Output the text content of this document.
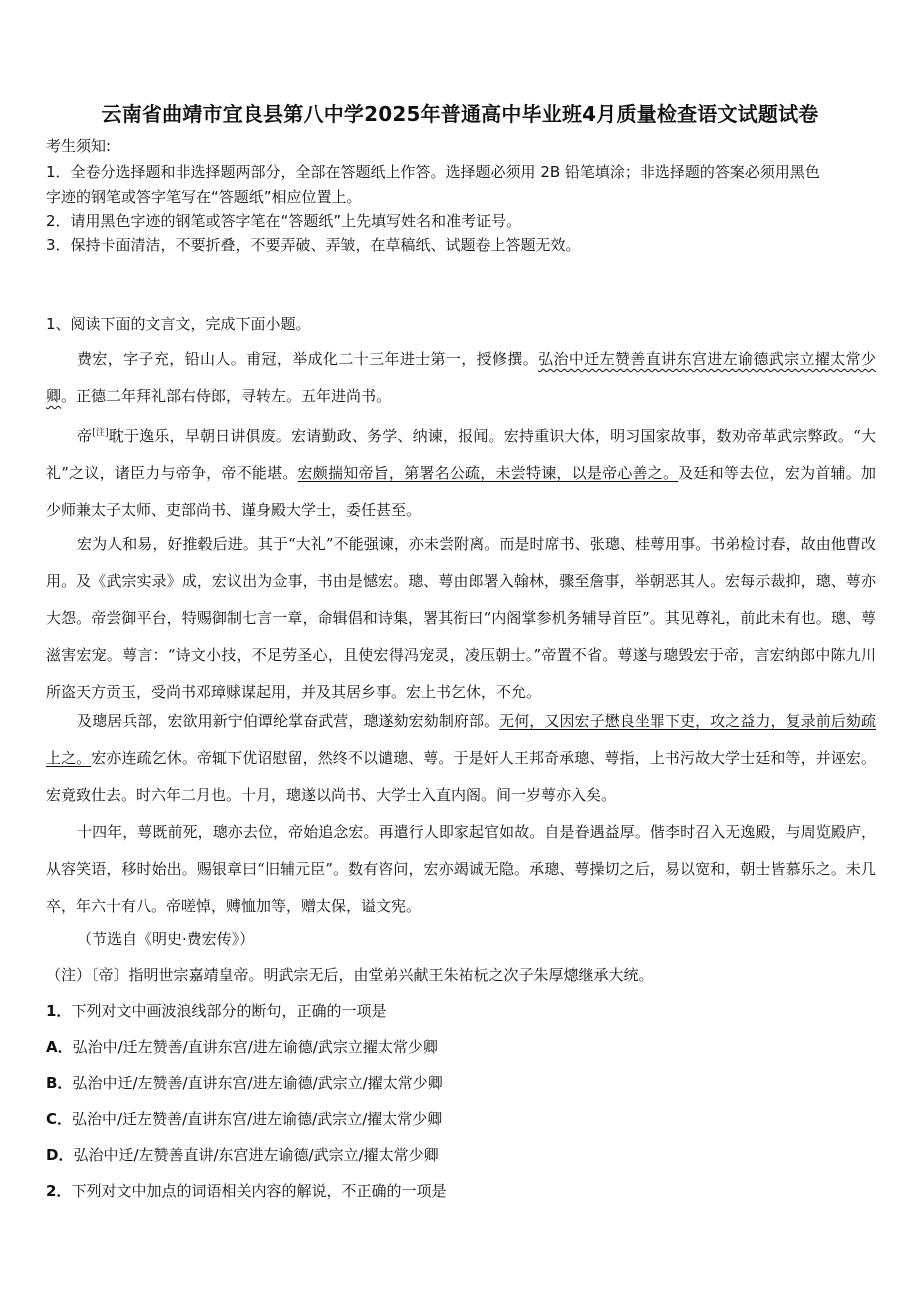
云南省曲靖市宜良县第八中学2025年普通高中毕业班4月质量检查语文试题试卷
考生须知:
1．全卷分选择题和非选择题两部分，全部在答题纸上作答。选择题必须用 2B 铅笔填涂；非选择题的答案必须用黑色
字迹的钢笔或答字笔写在“答题纸”相应位置上。
2．请用黑色字迹的钢笔或答字笔在“答题纸”上先填写姓名和准考证号。
3．保持卡面清洁，不要折叠，不要弄破、弄皱，在草稿纸、试题卷上答题无效。
1、阅读下面的文言文，完成下面小题。

费宏，字子充，铅山人。甫冠，举成化二十三年进士第一，授修撰。弘治中迁左赞善直讲东宫进左谕德武宗立擢太常少卿。正德二年拜礼部右侍郎，寻转左。五年进尚书。

帝[注]耽于逸乐，早朝日讲俱废。宏请勤政、务学、纳谏，报闻。宏持重识大体，明习国家故事，数劝帝革武宗弊政。“大礼”之议，诸臣力与帝争，帝不能堪。宏颇揣知帝旨，第署名公疏，未尝特谏，以是帝心善之。及廷和等去位，宏为首辅。加少师兼太子太师、吏部尚书、谨身殿大学士，委任甚至。

宏为人和易，好推毂后进。其于“大礼”不能强谏，亦未尝附离。而是时席书、张璁、桂萼用事。书弟检讨春，故由他曹改用。及《武宗实录》成，宏议出为佥事，书由是憾宏。璁、萼由郎署入翰林，骤至詹事，举朝恶其人。宏每示裁抑，璁、萼亦大怨。帝尝御平台，特赐御制七言一章，命辑倡和诗集，署其衔曰“内阁掌参机务辅导首臣”。其见尊礼，前此未有也。璁、萼滋害宏宠。萼言：“诗文小技，不足劳圣心，且使宏得冯宠灵，凌压朝士。”帝置不省。萼遂与璁毁宏于帝，言宏纳郎中陈九川所盗天方贡玉，受尚书邓璋赇谋起用，并及其居乡事。宏上书乞休，不允。

及璁居兵部，宏欲用新宁伯谭纶掌奋武营，璁遂劾宏劾制府部。无何，又因宏子懋良坐罪下吏，攻之益力，复录前后劾疏上之。宏亦连疏乞休。帝辄下优诏慰留，然终不以谴璁、萼。于是奸人王邦奇承璁、萼指，上书污故大学士廷和等，并诬宏。宏竟致仕去。时六年二月也。十月，璁遂以尚书、大学士入直内阁。间一岁萼亦入矣。

十四年，萼既前死，璁亦去位，帝始追念宏。再遣行人即家起官如故。自是眷遇益厚。偕李时召入无逸殿，与周览殿庐，从容笑语，移时始出。赐银章曰“旧辅元臣”。数有咨问，宏亦竭诚无隐。承璁、萼操切之后，易以宽和，朝士皆慕乐之。未几卒，年六十有八。帝嗟悼，赙恤加等，赠太保，谥文宪。

（节选自《明史·费宏传》）
（注）〔帝〕指明世宗嘉靖皇帝。明武宗无后，由堂弟兴献王朱祐杬之次子朱厚熜继承大统。
1．下列对文中画波浪线部分的断句，正确的一项是
A．弘治中/迁左赞善/直讲东宫/进左谕德/武宗立擢太常少卿
B．弘治中迁/左赞善/直讲东宫/进左谕德/武宗立/擢太常少卿
C．弘治中/迁左赞善/直讲东宫/进左谕德/武宗立/擢太常少卿
D．弘治中迁/左赞善直讲/东宫进左谕德/武宗立/擢太常少卿
2．下列对文中加点的词语相关内容的解说，不正确的一项是
